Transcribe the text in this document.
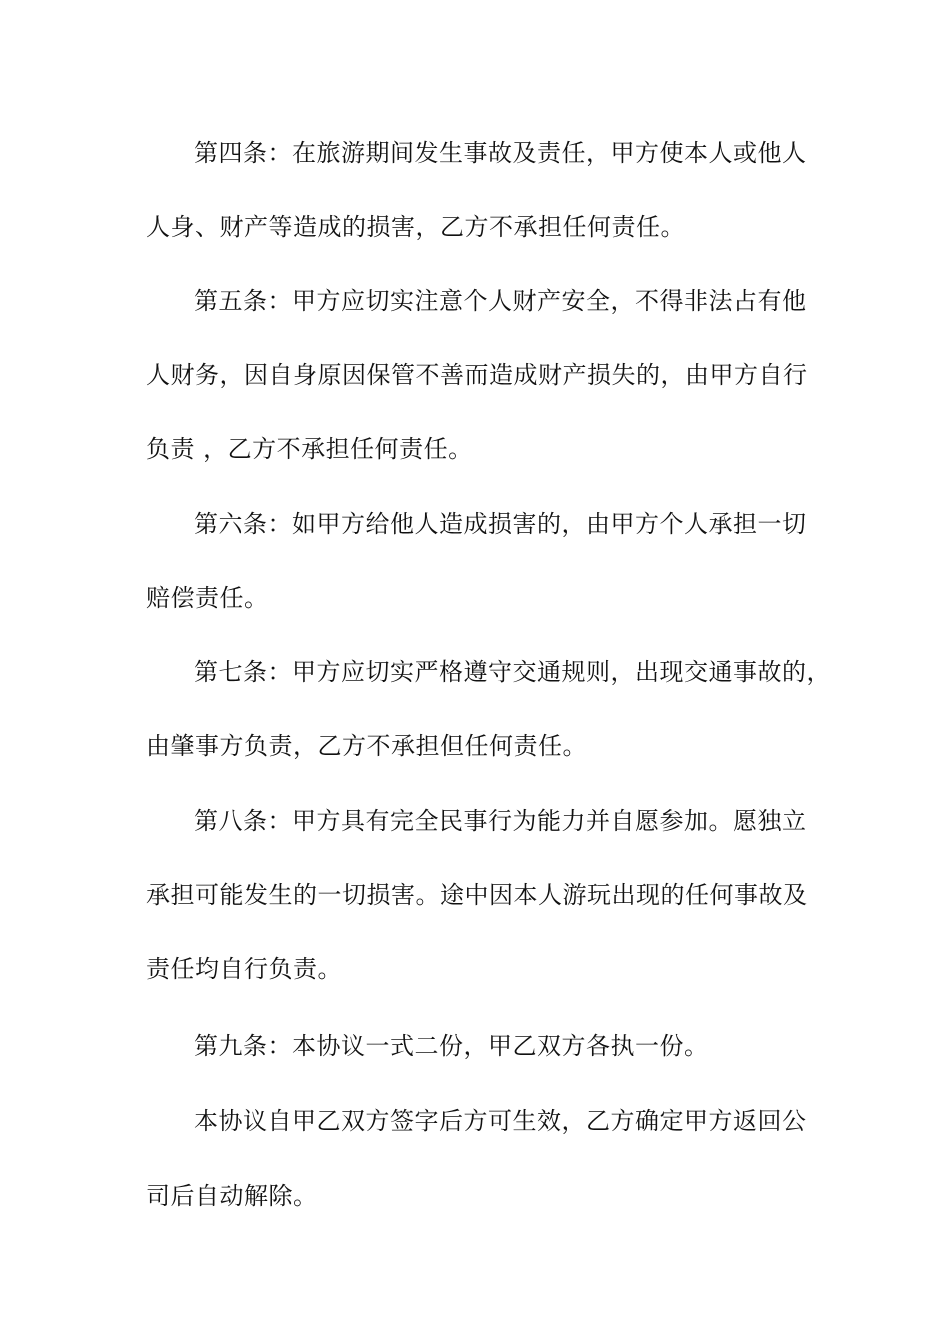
第四条：在旅游期间发生事故及责任，甲方使本人或他人
人身、财产等造成的损害，乙方不承担任何责任。
第五条：甲方应切实注意个人财产安全，不得非法占有他
人财务，因自身原因保管不善而造成财产损失的，由甲方自行
负责 ，乙方不承担任何责任。
第六条：如甲方给他人造成损害的，由甲方个人承担一切
赔偿责任。
第七条：甲方应切实严格遵守交通规则，出现交通事故的，
由肇事方负责，乙方不承担但任何责任。
第八条：甲方具有完全民事行为能力并自愿参加。愿独立
承担可能发生的一切损害。途中因本人游玩出现的任何事故及
责任均自行负责。
第九条：本协议一式二份，甲乙双方各执一份。
本协议自甲乙双方签字后方可生效，乙方确定甲方返回公
司后自动解除。
